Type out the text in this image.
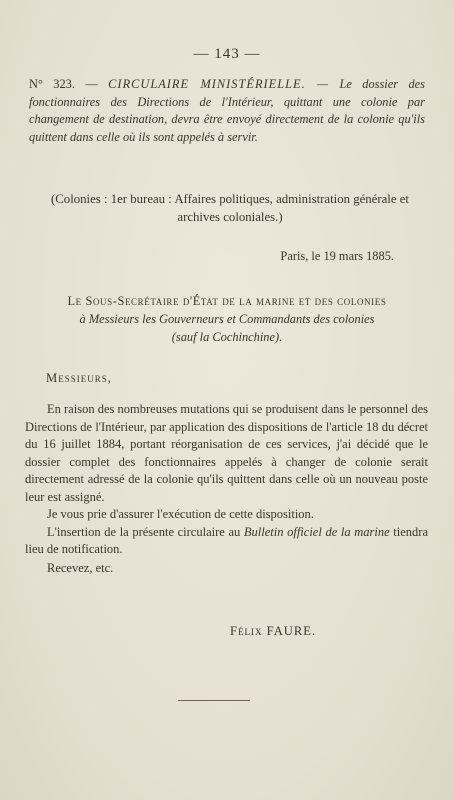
— 143 —
N° 323. — CIRCULAIRE MINISTÉRIELLE. — Le dossier des fonctionnaires des Directions de l'Intérieur, quittant une colonie par changement de destination, devra être envoyé directement de la colonie qu'ils quittent dans celle où ils sont appelés à servir.
(Colonies : 1er bureau : Affaires politiques, administration générale et archives coloniales.)
Paris, le 19 mars 1885.
Le Sous-Secrétaire d'État de la marine et des colonies
à Messieurs les Gouverneurs et Commandants des colonies
(sauf la Cochinchine).
Messieurs,

En raison des nombreuses mutations qui se produisent dans le personnel des Directions de l'Intérieur, par application des dispositions de l'article 18 du décret du 16 juillet 1884, portant réorganisation de ces services, j'ai décidé que le dossier complet des fonctionnaires appelés à changer de colonie serait directement adressé de la colonie qu'ils quittent dans celle où un nouveau poste leur est assigné.

Je vous prie d'assurer l'exécution de cette disposition.

L'insertion de la présente circulaire au Bulletin officiel de la marine tiendra lieu de notification.

Recevez, etc.

Félix FAURE.
